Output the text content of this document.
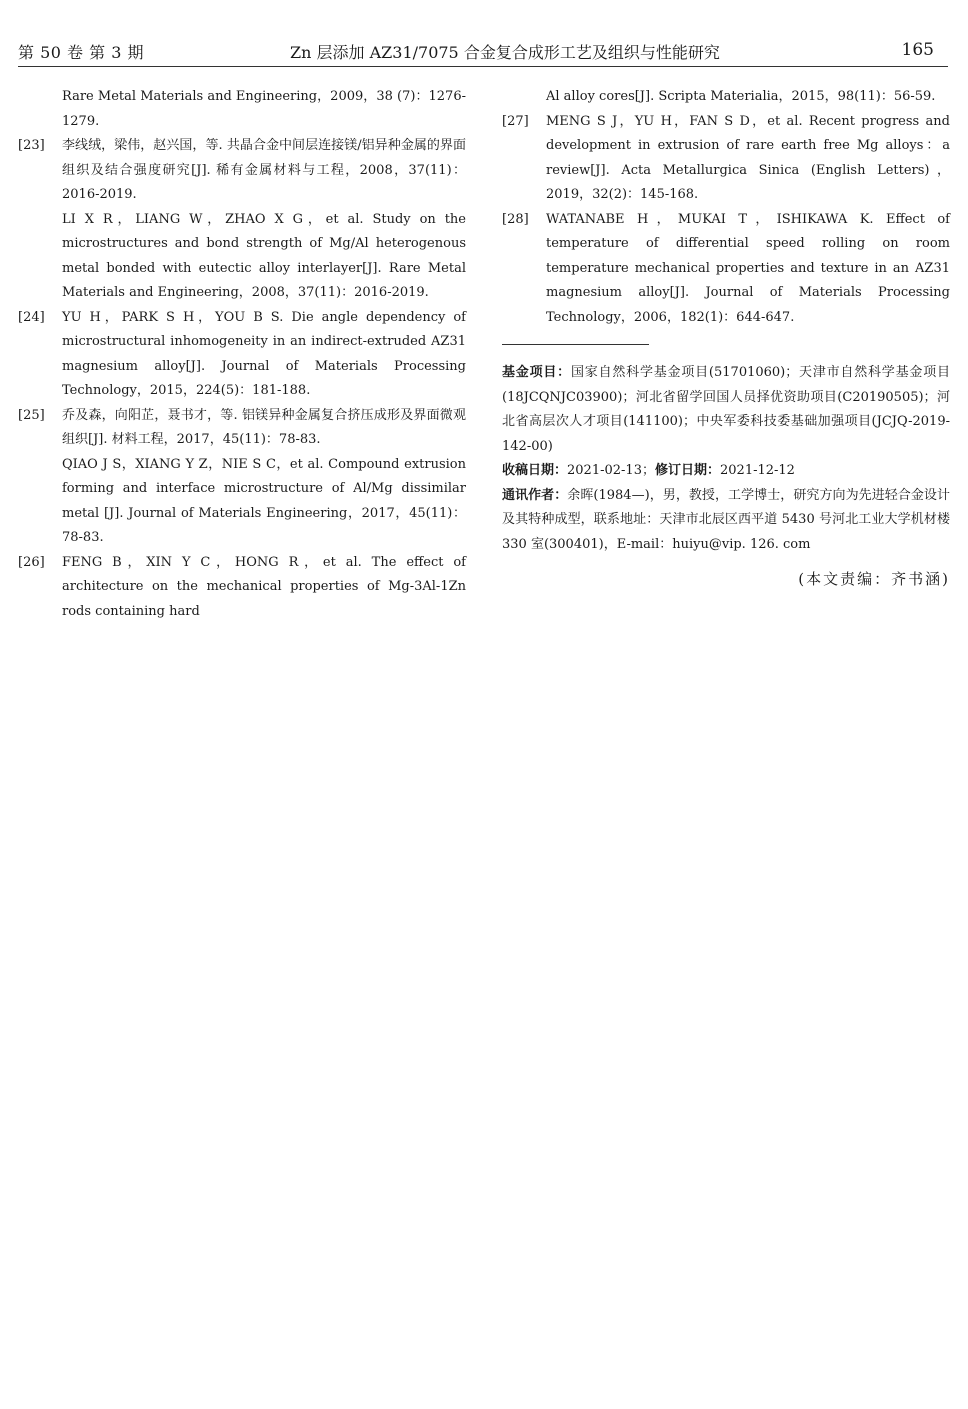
第 50 卷 第 3 期	Zn 层添加 AZ31/7075 合金复合成形工艺及组织与性能研究	165
Rare Metal Materials and Engineering，2009，38 (7)：1276-1279.
[23] 李线绒，梁伟，赵兴国，等. 共晶合金中间层连接镁/铝异种金属的界面组织及结合强度研究[J]. 稀有金属材料与工程，2008，37(11)：2016-2019.
LI X R，LIANG W，ZHAO X G，et al. Study on the microstructures and bond strength of Mg/Al heterogenous metal bonded with eutectic alloy interlayer[J]. Rare Metal Materials and Engineering，2008，37(11)：2016-2019.
[24] YU H，PARK S H，YOU B S. Die angle dependency of microstructural inhomogeneity in an indirect-extruded AZ31 magnesium alloy[J]. Journal of Materials Processing Technology，2015，224(5)：181-188.
[25] 乔及森，向阳芷，聂书才，等. 铝镁异种金属复合挤压成形及界面微观组织[J]. 材料工程，2017，45(11)：78-83.
QIAO J S，XIANG Y Z，NIE S C，et al. Compound extrusion forming and interface microstructure of Al/Mg dissimilar metal [J]. Journal of Materials Engineering，2017，45(11)：78-83.
[26] FENG B，XIN Y C，HONG R，et al. The effect of architecture on the mechanical properties of Mg-3Al-1Zn rods containing hard
Al alloy cores[J]. Scripta Materialia，2015，98(11)：56-59.
[27] MENG S J，YU H，FAN S D，et al. Recent progress and development in extrusion of rare earth free Mg alloys：a review[J]. Acta Metallurgica Sinica (English Letters)，2019，32(2)：145-168.
[28] WATANABE H，MUKAI T，ISHIKAWA K. Effect of temperature of differential speed rolling on room temperature mechanical properties and texture in an AZ31 magnesium alloy[J]. Journal of Materials Processing Technology，2006，182(1)：644-647.
基金项目：国家自然科学基金项目(51701060)；天津市自然科学基金项目(18JCQNJC03900)；河北省留学回国人员择优资助项目(C20190505)；河北省高层次人才项目(141100)；中央军委科技委基础加强项目(JCJQ-2019-142-00)
收稿日期：2021-02-13；修订日期：2021-12-12
通讯作者：余晖(1984—)，男，教授，工学博士，研究方向为先进轻合金设计及其特种成型，联系地址：天津市北辰区西平道 5430 号河北工业大学机材楼 330 室(300401)，E-mail：huiyu@vip. 126. com
(本文责编：齐书涵)
